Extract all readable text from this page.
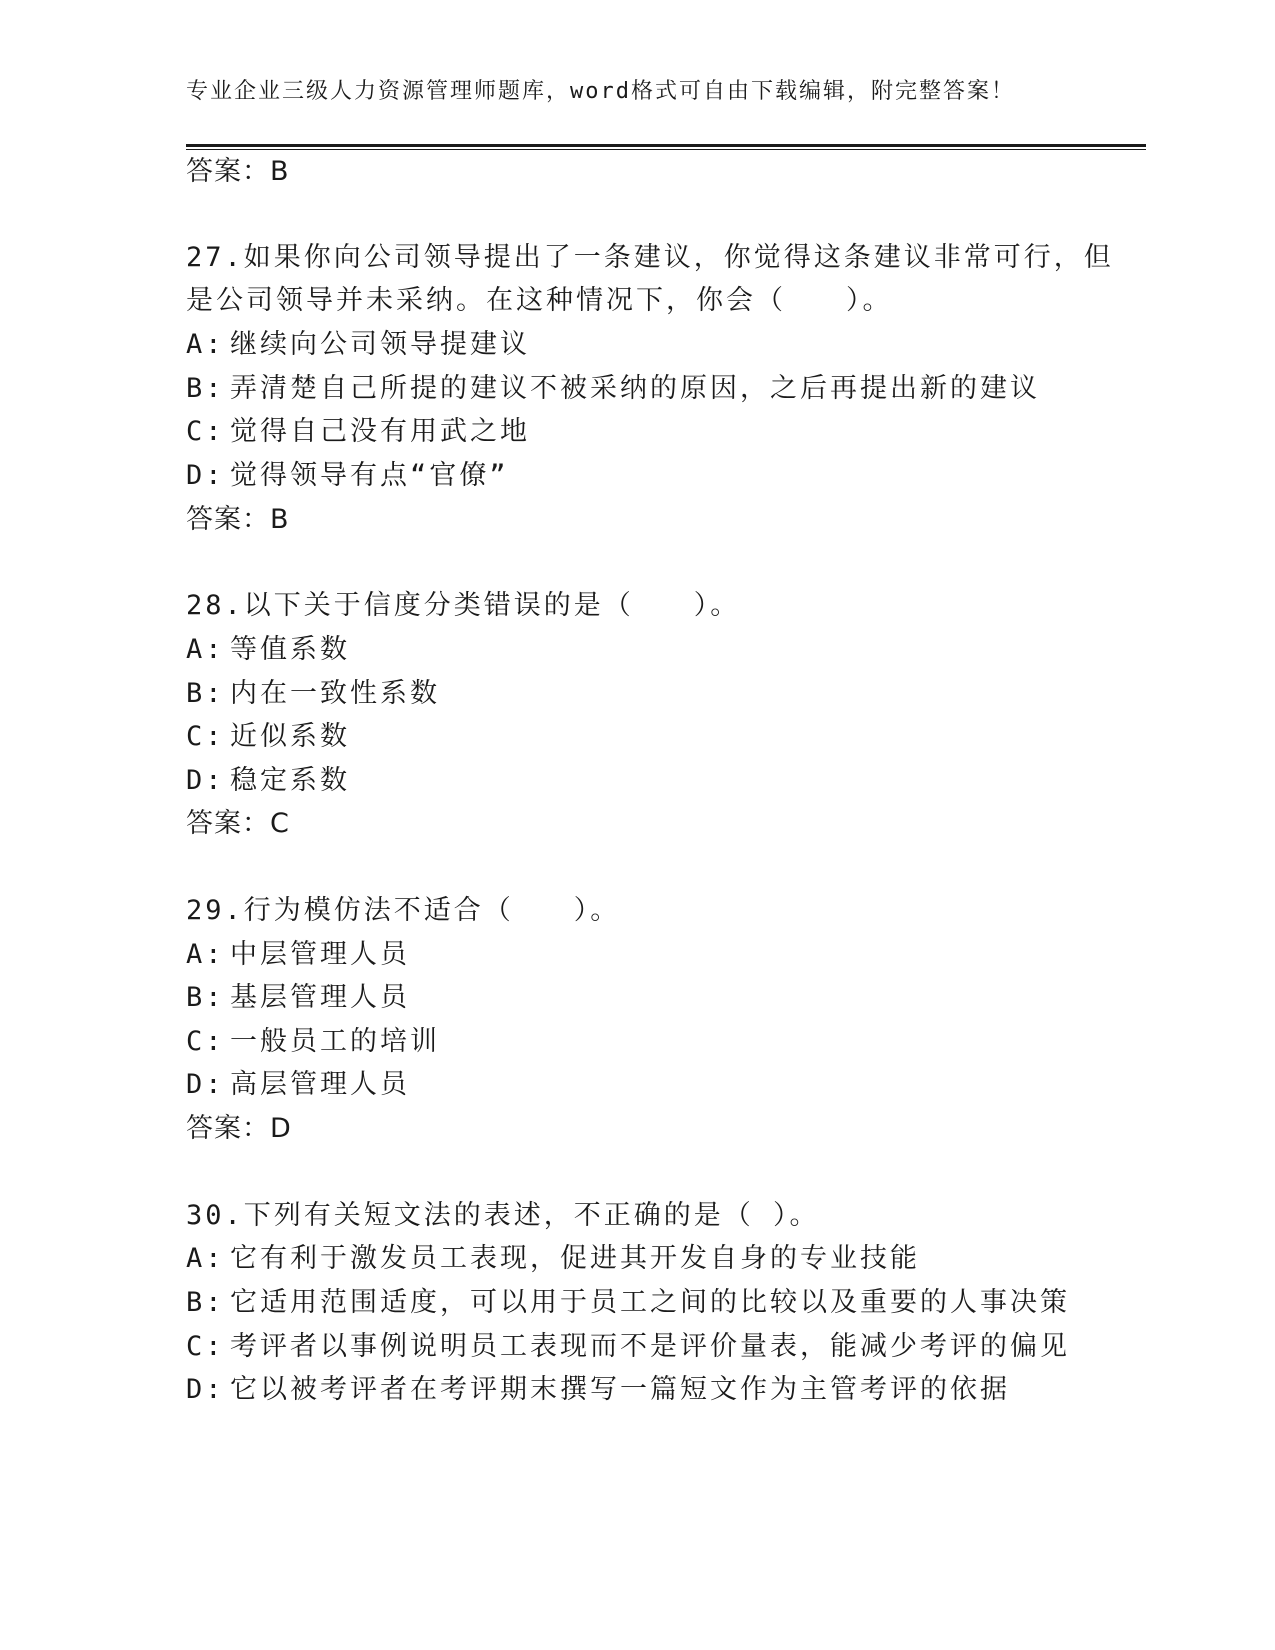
专业企业三级人力资源管理师题库，word格式可自由下载编辑，附完整答案！
答案：B
27.如果你向公司领导提出了一条建议，你觉得这条建议非常可行，但
是公司领导并未采纳。在这种情况下，你会（　　）。
A: 继续向公司领导提建议
B: 弄清楚自己所提的建议不被采纳的原因，之后再提出新的建议
C: 觉得自己没有用武之地
D: 觉得领导有点“官僚”
答案：B
28.以下关于信度分类错误的是（　　）。
A: 等值系数
B: 内在一致性系数
C: 近似系数
D: 稳定系数
答案：C
29.行为模仿法不适合（　　）。
A: 中层管理人员
B: 基层管理人员
C: 一般员工的培训
D: 高层管理人员
答案：D
30.下列有关短文法的表述，不正确的是（ ）。
A: 它有利于激发员工表现，促进其开发自身的专业技能
B: 它适用范围适度，可以用于员工之间的比较以及重要的人事决策
C: 考评者以事例说明员工表现而不是评价量表，能减少考评的偏见
D: 它以被考评者在考评期末撰写一篇短文作为主管考评的依据
